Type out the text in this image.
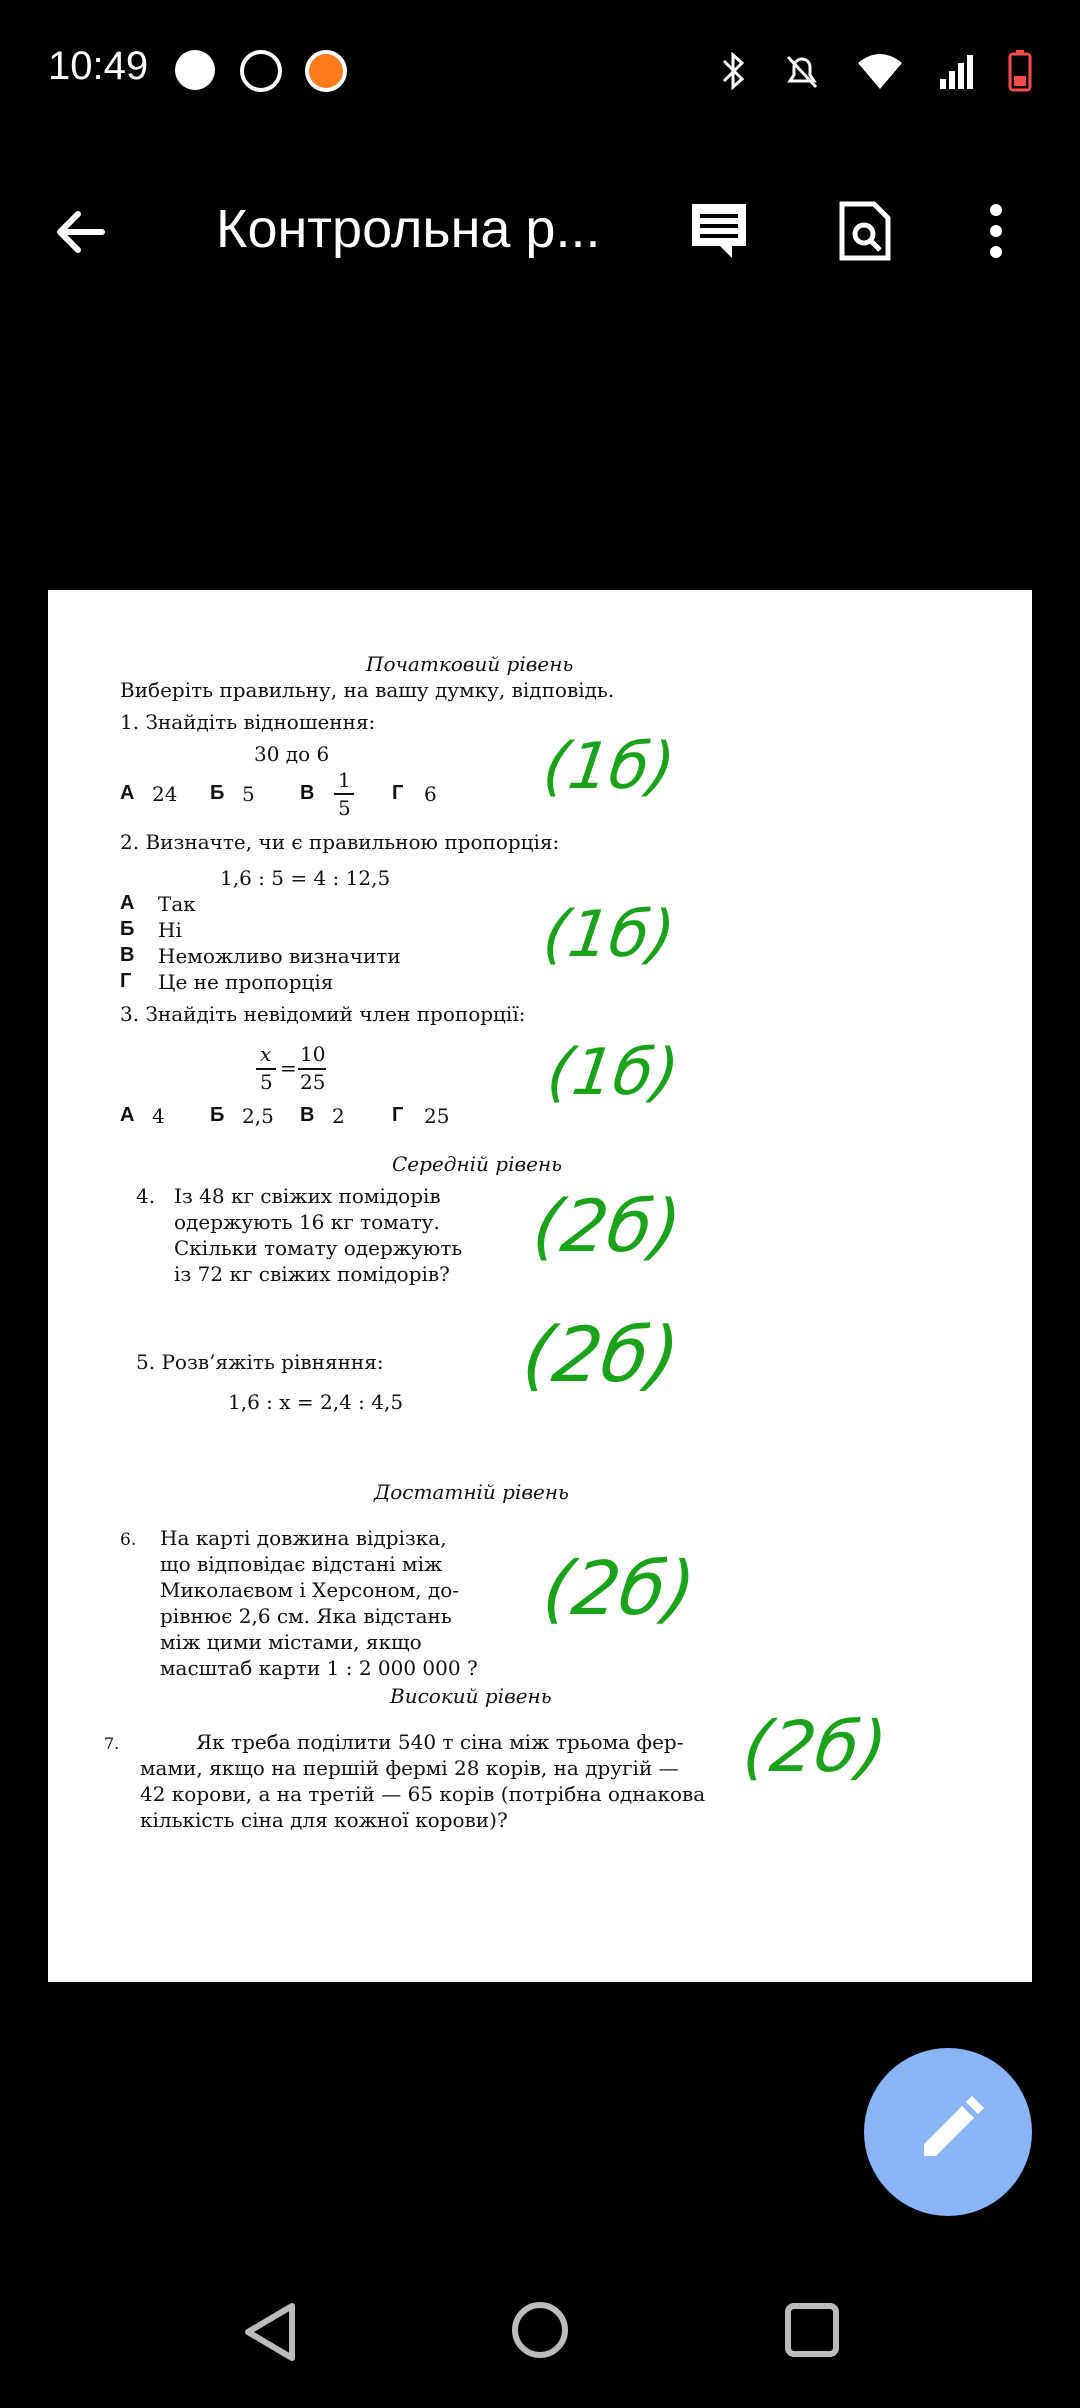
10:49
Контрольна р...
Початковий рівень
Виберіть правильну, на вашу думку, відповідь.
1. Знайдіть відношення:
30 до 6
А 24 Б 5 В
1
5
Г 6
2. Визначте, чи є правильною пропорція:
1,6 : 5 = 4 : 12,5
А Так
Б Ні
В Неможливо визначити
Г Це не пропорція
3. Знайдіть невідомий член пропорції:
x
5
=
10
25
А 4 Б 2,5 В 2 Г 25
Середній рівень
4. Із 48 кг свіжих помідорів
одержують 16 кг томату.
Скільки томату одержують
із 72 кг свіжих помідорів?
5. Розв’яжіть рівняння:
1,6 : x = 2,4 : 4,5
Достатній рівень
6. На карті довжина відрізка,
що відповідає відстані між
Миколаєвом і Херсоном, до-
рівнює 2,6 см. Яка відстань
між цими містами, якщо
масштаб карти 1 : 2 000 000 ?
Високий рівень
7.	Як треба поділити 540 т сіна між трьома фер-
мами, якщо на першій фермі 28 корів, на другій —
42 корови, а на третій — 65 корів (потрібна однакова
кількість сіна для кожної корови)?
(1б)
(1б)
(1б)
(2б)
(2б)
(2б)
(2б)
